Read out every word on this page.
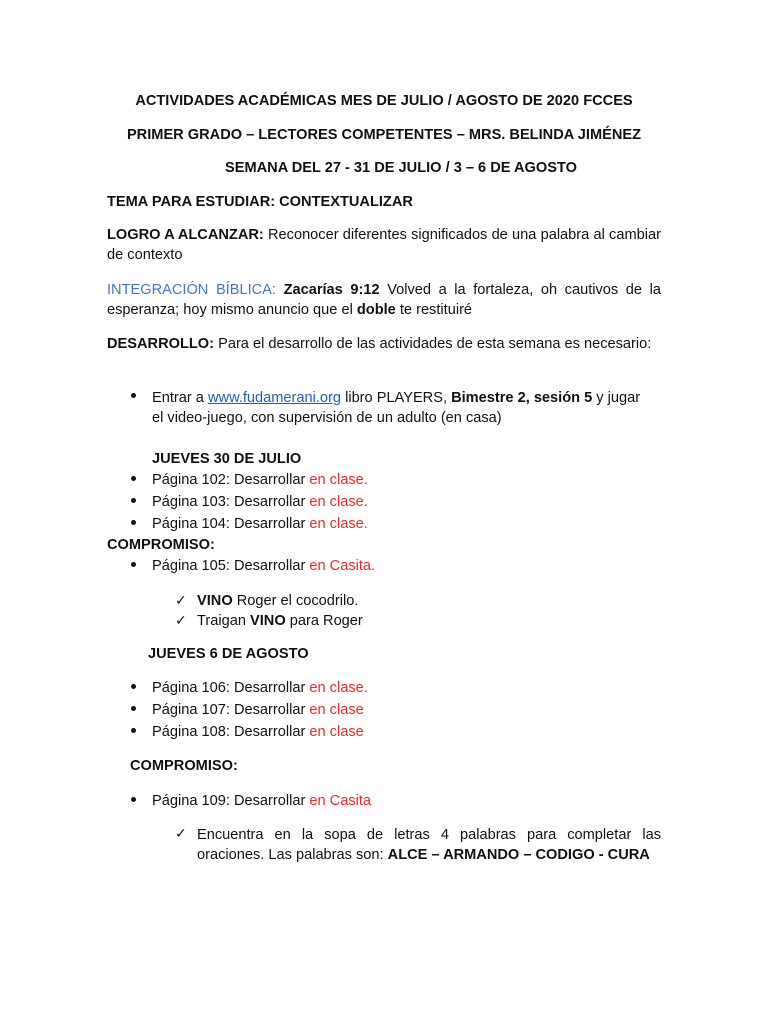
ACTIVIDADES ACADÉMICAS MES DE JULIO / AGOSTO DE 2020 FCCES
PRIMER GRADO – LECTORES COMPETENTES – MRS. BELINDA JIMÉNEZ
SEMANA DEL 27 - 31 DE JULIO / 3 – 6 DE AGOSTO
TEMA PARA ESTUDIAR: CONTEXTUALIZAR
LOGRO A ALCANZAR: Reconocer diferentes significados de una palabra al cambiar de contexto
INTEGRACIÓN BÍBLICA: Zacarías 9:12 Volved a la fortaleza, oh cautivos de la esperanza; hoy mismo anuncio que el doble te restituiré
DESARROLLO: Para el desarrollo de las actividades de esta semana es necesario:
Entrar a www.fudamerani.org libro PLAYERS, Bimestre 2, sesión 5 y jugar
el video-juego, con supervisión de un adulto (en casa)
JUEVES 30 DE JULIO
Página 102: Desarrollar en clase.
Página 103: Desarrollar en clase.
Página 104: Desarrollar en clase.
COMPROMISO:
Página 105: Desarrollar en Casita.
✓ VINO Roger el cocodrilo.
✓ Traigan VINO para Roger
JUEVES 6 DE AGOSTO
Página 106: Desarrollar en clase.
Página 107: Desarrollar en clase
Página 108: Desarrollar en clase
COMPROMISO:
Página 109: Desarrollar en Casita
✓ Encuentra en la sopa de letras 4 palabras para completar las oraciones. Las palabras son: ALCE – ARMANDO – CODIGO - CURA
